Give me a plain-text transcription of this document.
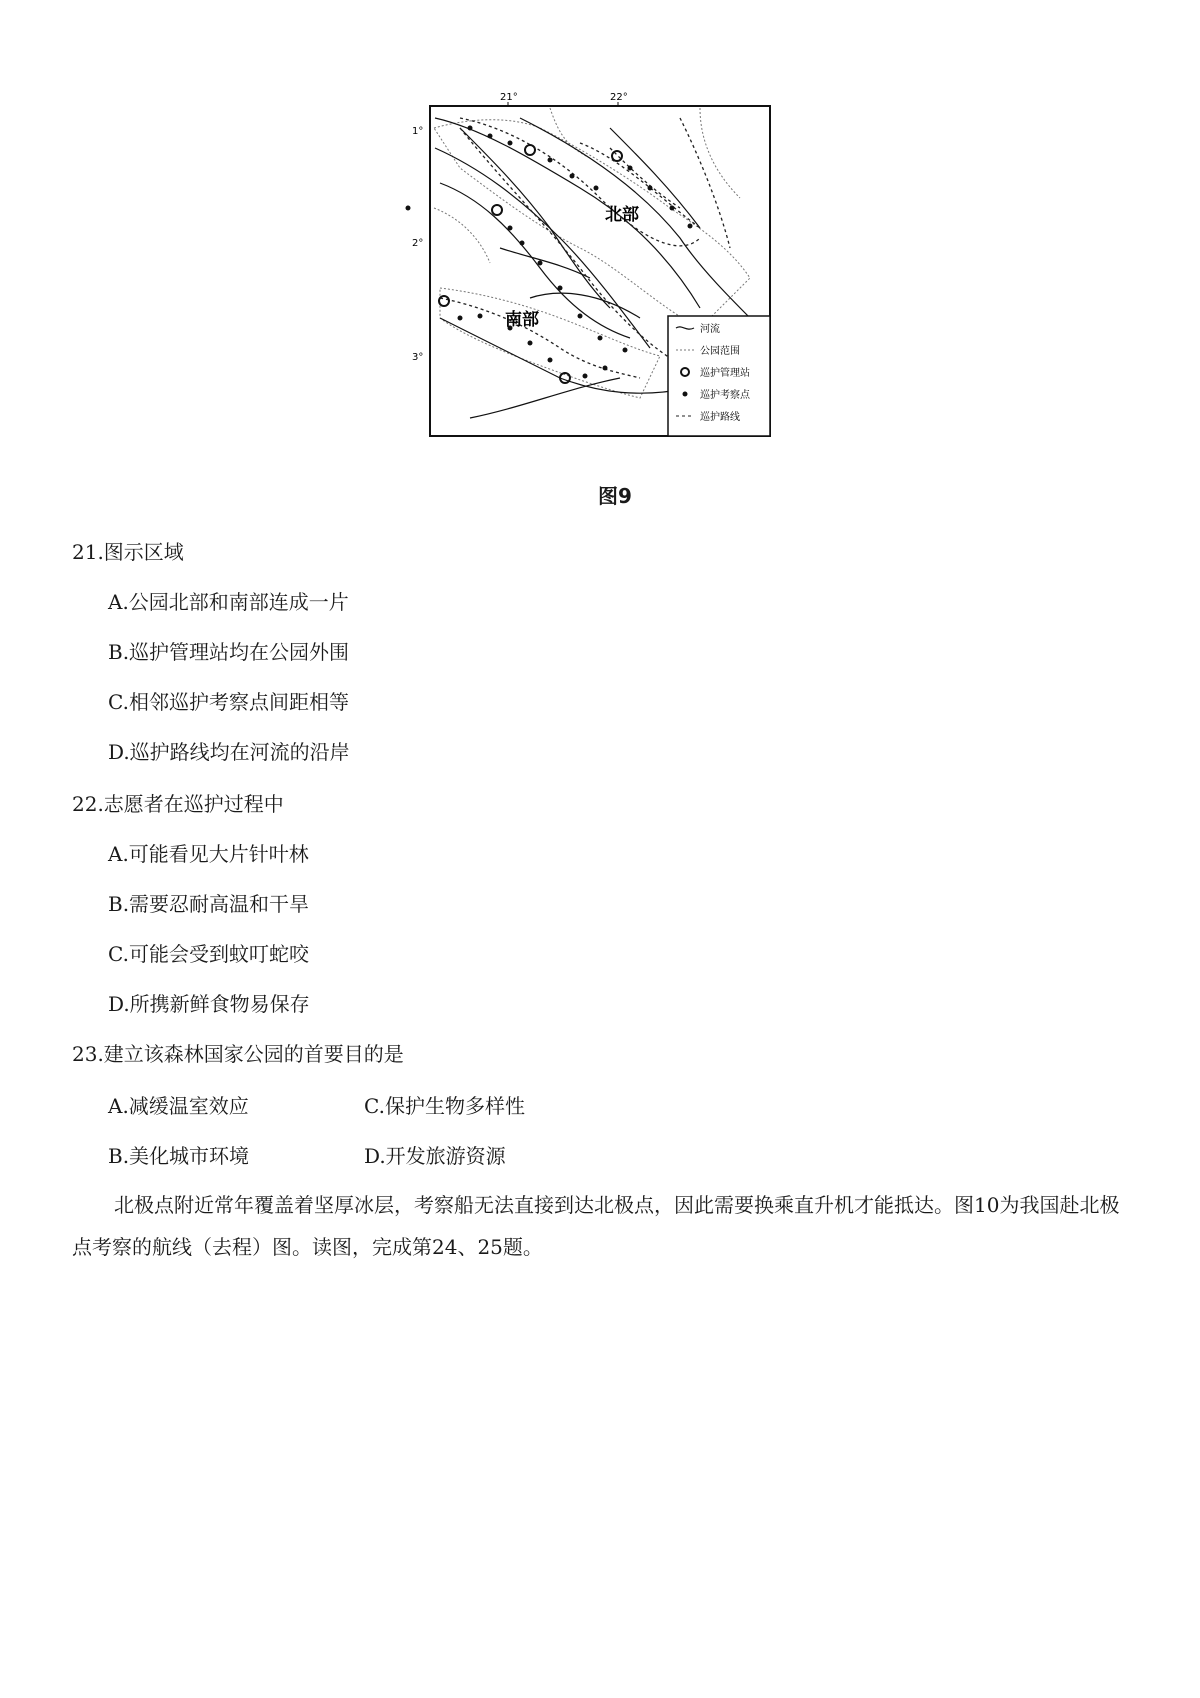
21°	22°
1°
2°
3°
北部
南部	河流
公园范围
巡护管理站
巡护考察点
巡护路线
图9
21.图示区域
A.公园北部和南部连成一片
B.巡护管理站均在公园外围
C.相邻巡护考察点间距相等
D.巡护路线均在河流的沿岸
22.志愿者在巡护过程中
A.可能看见大片针叶林
B.需要忍耐高温和干旱
C.可能会受到蚊叮蛇咬
D.所携新鲜食物易保存
23.建立该森林国家公园的首要目的是
A.减缓温室效应	C.保护生物多样性
B.美化城市环境	D.开发旅游资源
北极点附近常年覆盖着坚厚冰层，考察船无法直接到达北极点，因此需要换乘直升机才能抵达。图10为我国赴北极点考察的航线（去程）图。读图，完成第24、25题。
